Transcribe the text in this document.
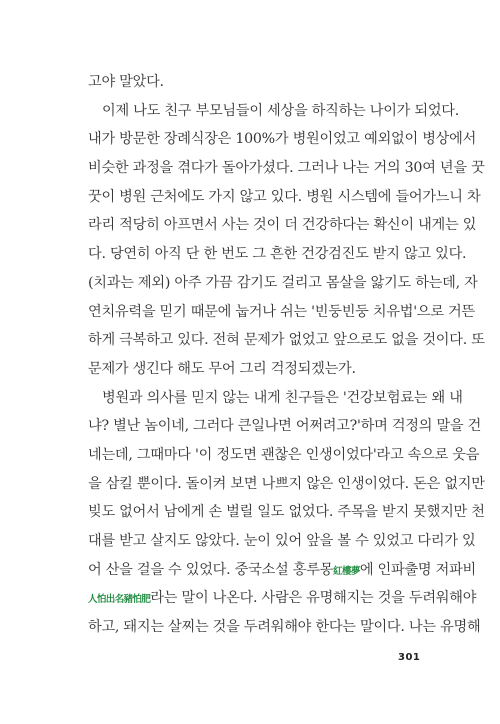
고야 말았다.
이제 나도 친구 부모님들이 세상을 하직하는 나이가 되었다.
내가 방문한 장례식장은 100%가 병원이었고 예외없이 병상에서
비슷한 과정을 겪다가 돌아가셨다. 그러나 나는 거의 30여 년을 꿋
꿋이 병원 근처에도 가지 않고 있다. 병원 시스템에 들어가느니 차
라리 적당히 아프면서 사는 것이 더 건강하다는 확신이 내게는 있
다. 당연히 아직 단 한 번도 그 흔한 건강검진도 받지 않고 있다.
(치과는 제외) 아주 가끔 감기도 걸리고 몸살을 앓기도 하는데, 자
연치유력을 믿기 때문에 눕거나 쉬는 '빈둥빈둥 치유법'으로 거뜬
하게 극복하고 있다. 전혀 문제가 없었고 앞으로도 없을 것이다. 또
문제가 생긴다 해도 무어 그리 걱정되겠는가.
병원과 의사를 믿지 않는 내게 친구들은 '건강보험료는 왜 내
냐? 별난 놈이네, 그러다 큰일나면 어쩌려고?'하며 걱정의 말을 건
네는데, 그때마다 '이 정도면 괜찮은 인생이었다'라고 속으로 웃음
을 삼킬 뿐이다. 돌이켜 보면 나쁘지 않은 인생이었다. 돈은 없지만
빚도 없어서 남에게 손 벌릴 일도 없었다. 주목을 받지 못했지만 천
대를 받고 살지도 않았다. 눈이 있어 앞을 볼 수 있었고 다리가 있
어 산을 걸을 수 있었다. 중국소설 홍루몽紅樓夢에 인파출명 저파비
人怕出名豬怕肥라는 말이 나온다. 사람은 유명해지는 것을 두려워해야
하고, 돼지는 살찌는 것을 두려워해야 한다는 말이다. 나는 유명해
301
